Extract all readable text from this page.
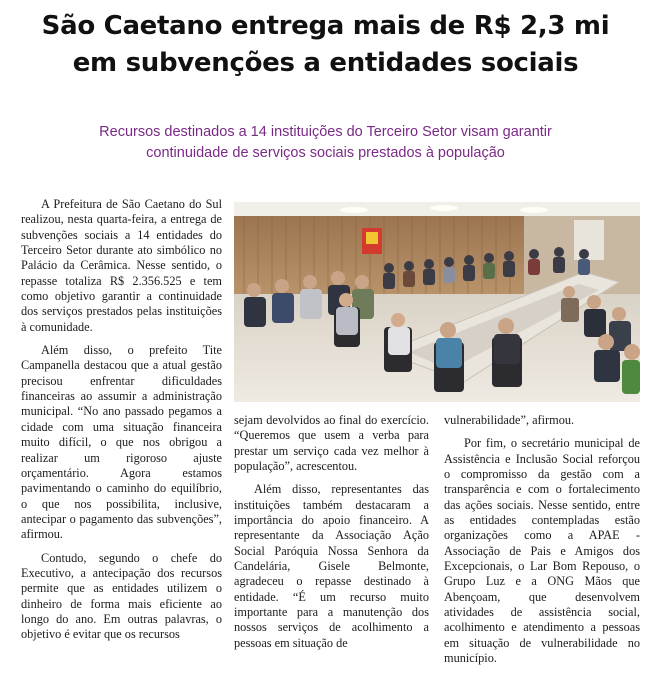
São Caetano entrega mais de R$ 2,3 mi
em subvenções a entidades sociais
Recursos destinados a 14 instituições do Terceiro Setor visam garantir
continuidade de serviços sociais prestados à população

A Prefeitura de São Caetano do Sul realizou, nesta quarta-feira, a entrega de subvenções sociais a 14 entidades do Terceiro Setor durante ato simbólico no Palácio da Cerâmica. Nesse sentido, o repasse totaliza R$ 2.356.525 e tem como objetivo garantir a continuidade dos serviços prestados pelas instituições à comunidade.

Além disso, o prefeito Tite Campanella destacou que a atual gestão precisou enfrentar dificuldades financeiras ao assumir a administração municipal. “No ano passado pegamos a cidade com uma situação financeira muito difícil, o que nos obrigou a realizar um rigoroso ajuste orçamentário. Agora estamos pavimentando o caminho do equilíbrio, o que nos possibilita, inclusive, antecipar o pagamento das subvenções”, afirmou.

Contudo, segundo o chefe do Executivo, a antecipação dos recursos permite que as entidades utilizem o dinheiro de forma mais eficiente ao longo do ano. Em outras palavras, o objetivo é evitar que os recursos

sejam devolvidos ao final do exercício. “Queremos que usem a verba para prestar um serviço cada vez melhor à população”, acrescentou.

Além disso, representantes das instituições também destacaram a importância do apoio financeiro. A representante da Associação Ação Social Paróquia Nossa Senhora da Candelária, Gisele Belmonte, agradeceu o repasse destinado à entidade. “É um recurso muito importante para a manutenção dos nossos serviços de acolhimento a pessoas em situação de

vulnerabilidade”, afirmou.

Por fim, o secretário municipal de Assistência e Inclusão Social reforçou o compromisso da gestão com a transparência e com o fortalecimento das ações sociais. Nesse sentido, entre as entidades contempladas estão organizações como a APAE - Associação de Pais e Amigos dos Excepcionais, o Lar Bom Repouso, o Grupo Luz e a ONG Mãos que Abençoam, que desenvolvem atividades de assistência social, acolhimento e atendimento a pessoas em situação de vulnerabilidade no município.
